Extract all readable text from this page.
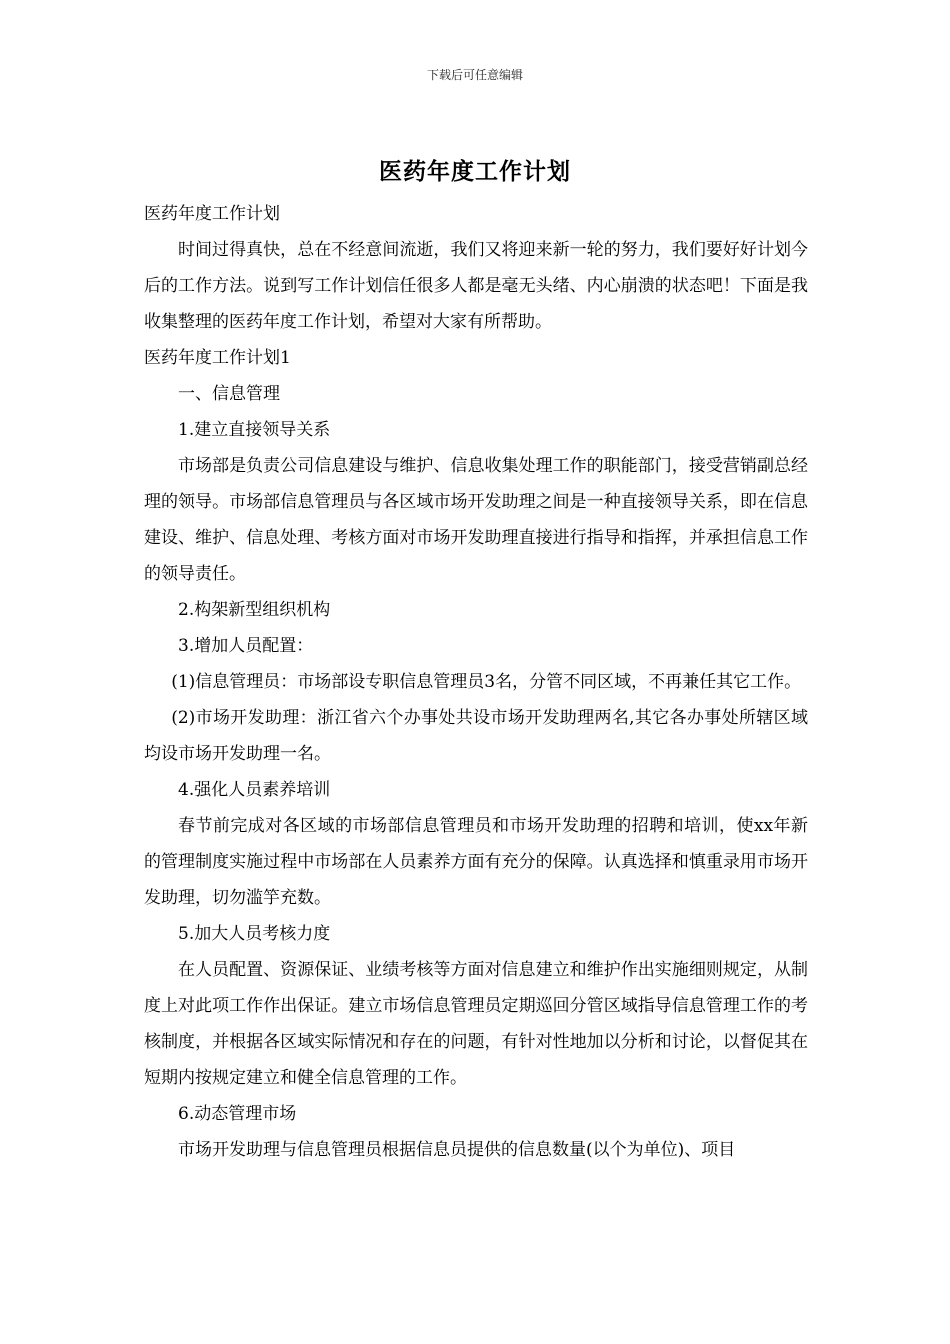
下载后可任意编辑
医药年度工作计划

医药年度工作计划

时间过得真快，总在不经意间流逝，我们又将迎来新一轮的努力，我们要好好计划今后的工作方法。说到写工作计划信任很多人都是毫无头绪、内心崩溃的状态吧！下面是我收集整理的医药年度工作计划，希望对大家有所帮助。

医药年度工作计划1

一、信息管理

1.建立直接领导关系

市场部是负责公司信息建设与维护、信息收集处理工作的职能部门，接受营销副总经理的领导。市场部信息管理员与各区域市场开发助理之间是一种直接领导关系，即在信息建设、维护、信息处理、考核方面对市场开发助理直接进行指导和指挥，并承担信息工作的领导责任。

2.构架新型组织机构

3.增加人员配置：

(1)信息管理员：市场部设专职信息管理员3名，分管不同区域，不再兼任其它工作。

(2)市场开发助理：浙江省六个办事处共设市场开发助理两名,其它各办事处所辖区域均设市场开发助理一名。

4.强化人员素养培训

春节前完成对各区域的市场部信息管理员和市场开发助理的招聘和培训，使xx年新的管理制度实施过程中市场部在人员素养方面有充分的保障。认真选择和慎重录用市场开发助理，切勿滥竽充数。

5.加大人员考核力度

在人员配置、资源保证、业绩考核等方面对信息建立和维护作出实施细则规定，从制度上对此项工作作出保证。建立市场信息管理员定期巡回分管区域指导信息管理工作的考核制度，并根据各区域实际情况和存在的问题，有针对性地加以分析和讨论，以督促其在短期内按规定建立和健全信息管理的工作。

6.动态管理市场

市场开发助理与信息管理员根据信息员提供的信息数量(以个为单位)、项目
